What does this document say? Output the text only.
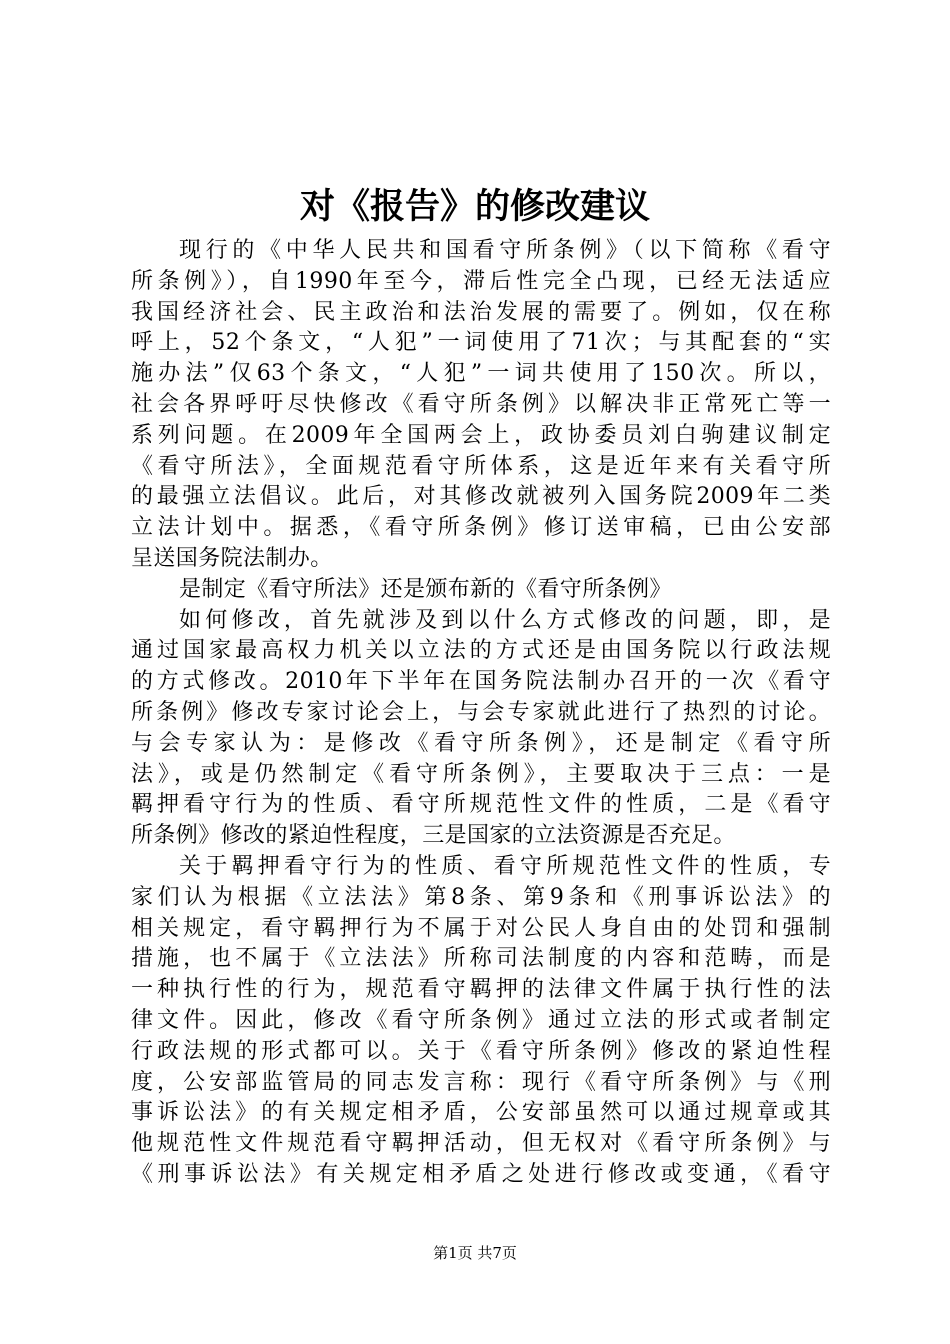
对《报告》的修改建议
现行的《中华人民共和国看守所条例》（以下简称《看守
所条例》），自1990年至今，滞后性完全凸现，已经无法适应
我国经济社会、民主政治和法治发展的需要了。例如，仅在称
呼上，52个条文，“人犯”一词使用了71次；与其配套的“实
施办法”仅63个条文，“人犯”一词共使用了150次。所以，
社会各界呼吁尽快修改《看守所条例》以解决非正常死亡等一
系列问题。在2009年全国两会上，政协委员刘白驹建议制定
《看守所法》，全面规范看守所体系，这是近年来有关看守所
的最强立法倡议。此后，对其修改就被列入国务院2009年二类
立法计划中。据悉，《看守所条例》修订送审稿，已由公安部
呈送国务院法制办。
是制定《看守所法》还是颁布新的《看守所条例》
如何修改，首先就涉及到以什么方式修改的问题，即，是
通过国家最高权力机关以立法的方式还是由国务院以行政法规
的方式修改。2010年下半年在国务院法制办召开的一次《看守
所条例》修改专家讨论会上，与会专家就此进行了热烈的讨论。
与会专家认为：是修改《看守所条例》，还是制定《看守所
法》，或是仍然制定《看守所条例》，主要取决于三点：一是
羁押看守行为的性质、看守所规范性文件的性质，二是《看守
所条例》修改的紧迫性程度，三是国家的立法资源是否充足。
关于羁押看守行为的性质、看守所规范性文件的性质，专
家们认为根据《立法法》第8条、第9条和《刑事诉讼法》的
相关规定，看守羁押行为不属于对公民人身自由的处罚和强制
措施，也不属于《立法法》所称司法制度的内容和范畴，而是
一种执行性的行为，规范看守羁押的法律文件属于执行性的法
律文件。因此，修改《看守所条例》通过立法的形式或者制定
行政法规的形式都可以。关于《看守所条例》修改的紧迫性程
度，公安部监管局的同志发言称：现行《看守所条例》与《刑
事诉讼法》的有关规定相矛盾，公安部虽然可以通过规章或其
他规范性文件规范看守羁押活动，但无权对《看守所条例》与
《刑事诉讼法》有关规定相矛盾之处进行修改或变通，《看守
第1页 共7页
